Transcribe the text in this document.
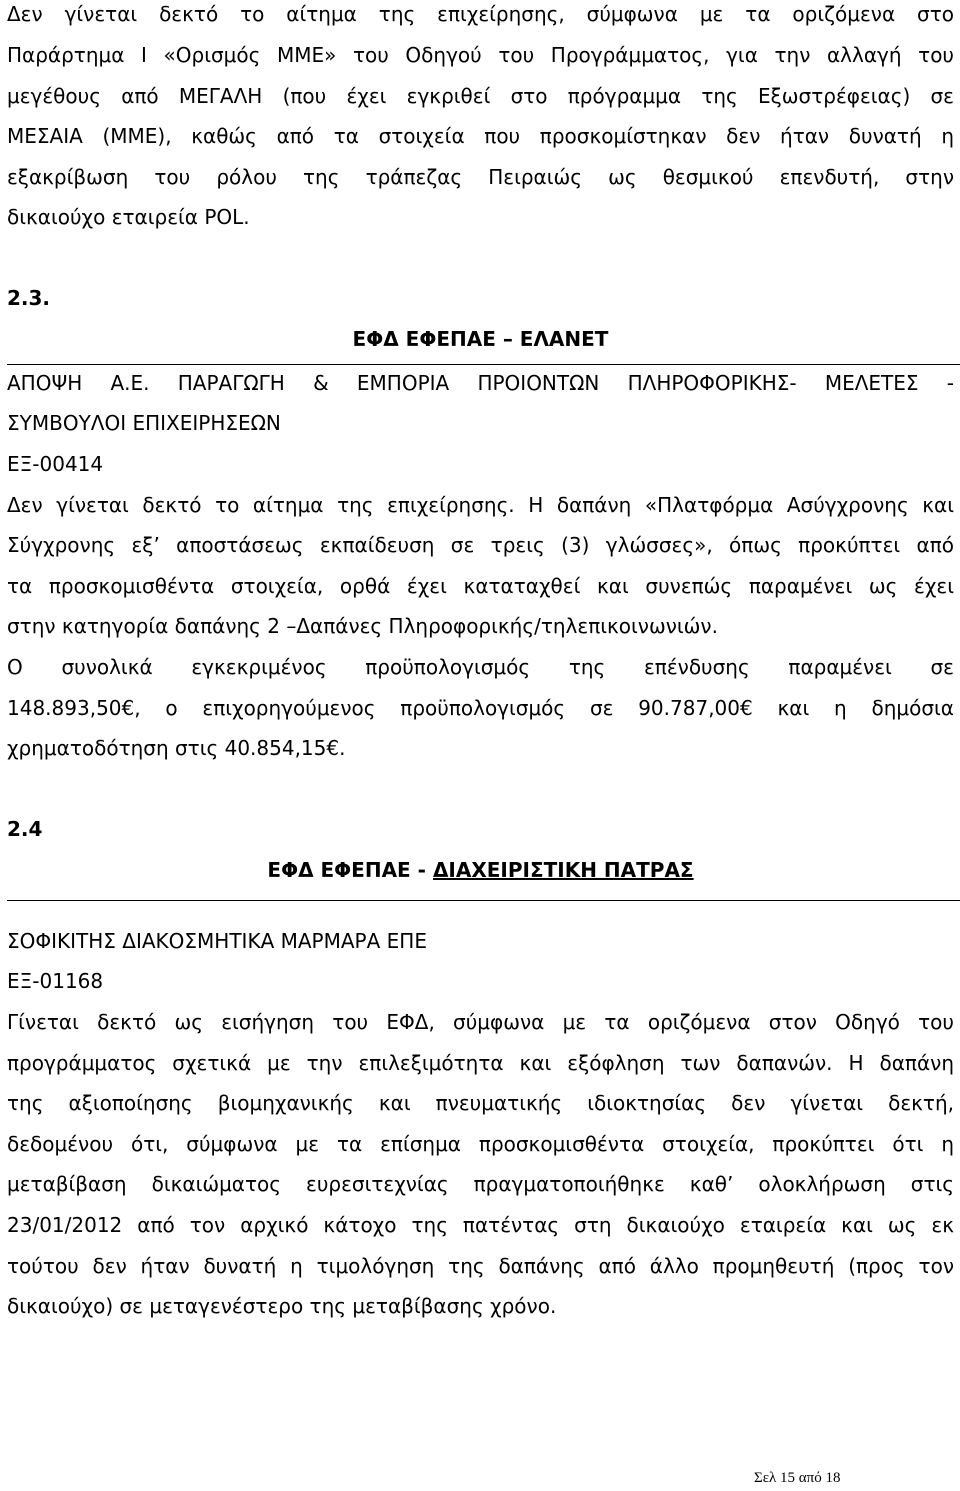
Δεν γίνεται δεκτό το αίτημα της επιχείρησης, σύμφωνα με τα οριζόμενα στο
Παράρτημα Ι «Ορισμός ΜΜΕ» του Οδηγού του Προγράμματος, για την αλλαγή του
μεγέθους από ΜΕΓΑΛΗ (που έχει εγκριθεί στο πρόγραμμα της Εξωστρέφειας) σε
ΜΕΣΑΙΑ (ΜΜΕ), καθώς από τα στοιχεία που προσκομίστηκαν δεν ήταν δυνατή η
εξακρίβωση του ρόλου της τράπεζας Πειραιώς ως θεσμικού επενδυτή, στην
δικαιούχο εταιρεία POL.
2.3.
ΕΦΔ ΕΦΕΠΑΕ – ΕΛΑΝΕΤ
ΑΠΟΨΗ Α.Ε. ΠΑΡΑΓΩΓΗ & ΕΜΠΟΡΙΑ ΠΡΟΙΟΝΤΩΝ ΠΛΗΡΟΦΟΡΙΚΗΣ- ΜΕΛΕΤΕΣ -
ΣΥΜΒΟΥΛΟΙ ΕΠΙΧΕΙΡΗΣΕΩΝ
ΕΞ-00414
Δεν γίνεται δεκτό το αίτημα της επιχείρησης. Η δαπάνη «Πλατφόρμα Ασύγχρονης και
Σύγχρονης εξ’ αποστάσεως εκπαίδευση σε τρεις (3) γλώσσες», όπως προκύπτει από
τα προσκομισθέντα στοιχεία, ορθά έχει καταταχθεί και συνεπώς παραμένει ως έχει
στην κατηγορία δαπάνης 2 –Δαπάνες Πληροφορικής/τηλεπικοινωνιών.
Ο συνολικά εγκεκριμένος προϋπολογισμός της επένδυσης παραμένει σε
148.893,50€, ο επιχορηγούμενος προϋπολογισμός σε 90.787,00€ και η δημόσια
χρηματοδότηση στις 40.854,15€.
2.4
ΕΦΔ ΕΦΕΠΑΕ - ΔΙΑΧΕΙΡΙΣΤΙΚΗ ΠΑΤΡΑΣ
ΣΟΦΙΚΙΤΗΣ ΔΙΑΚΟΣΜΗΤΙΚΑ ΜΑΡΜΑΡΑ ΕΠΕ
ΕΞ-01168
Γίνεται δεκτό ως εισήγηση του ΕΦΔ, σύμφωνα με τα οριζόμενα στον Οδηγό του
προγράμματος σχετικά με την επιλεξιμότητα και εξόφληση των δαπανών. Η δαπάνη
της αξιοποίησης βιομηχανικής και πνευματικής ιδιοκτησίας δεν γίνεται δεκτή,
δεδομένου ότι, σύμφωνα με τα επίσημα προσκομισθέντα στοιχεία, προκύπτει ότι η
μεταβίβαση δικαιώματος ευρεσιτεχνίας πραγματοποιήθηκε καθ’ ολοκλήρωση στις
23/01/2012 από τον αρχικό κάτοχο της πατέντας στη δικαιούχο εταιρεία και ως εκ
τούτου δεν ήταν δυνατή η τιμολόγηση της δαπάνης από άλλο προμηθευτή (προς τον
δικαιούχο) σε μεταγενέστερο της μεταβίβασης χρόνο.
Σελ 15 από 18
